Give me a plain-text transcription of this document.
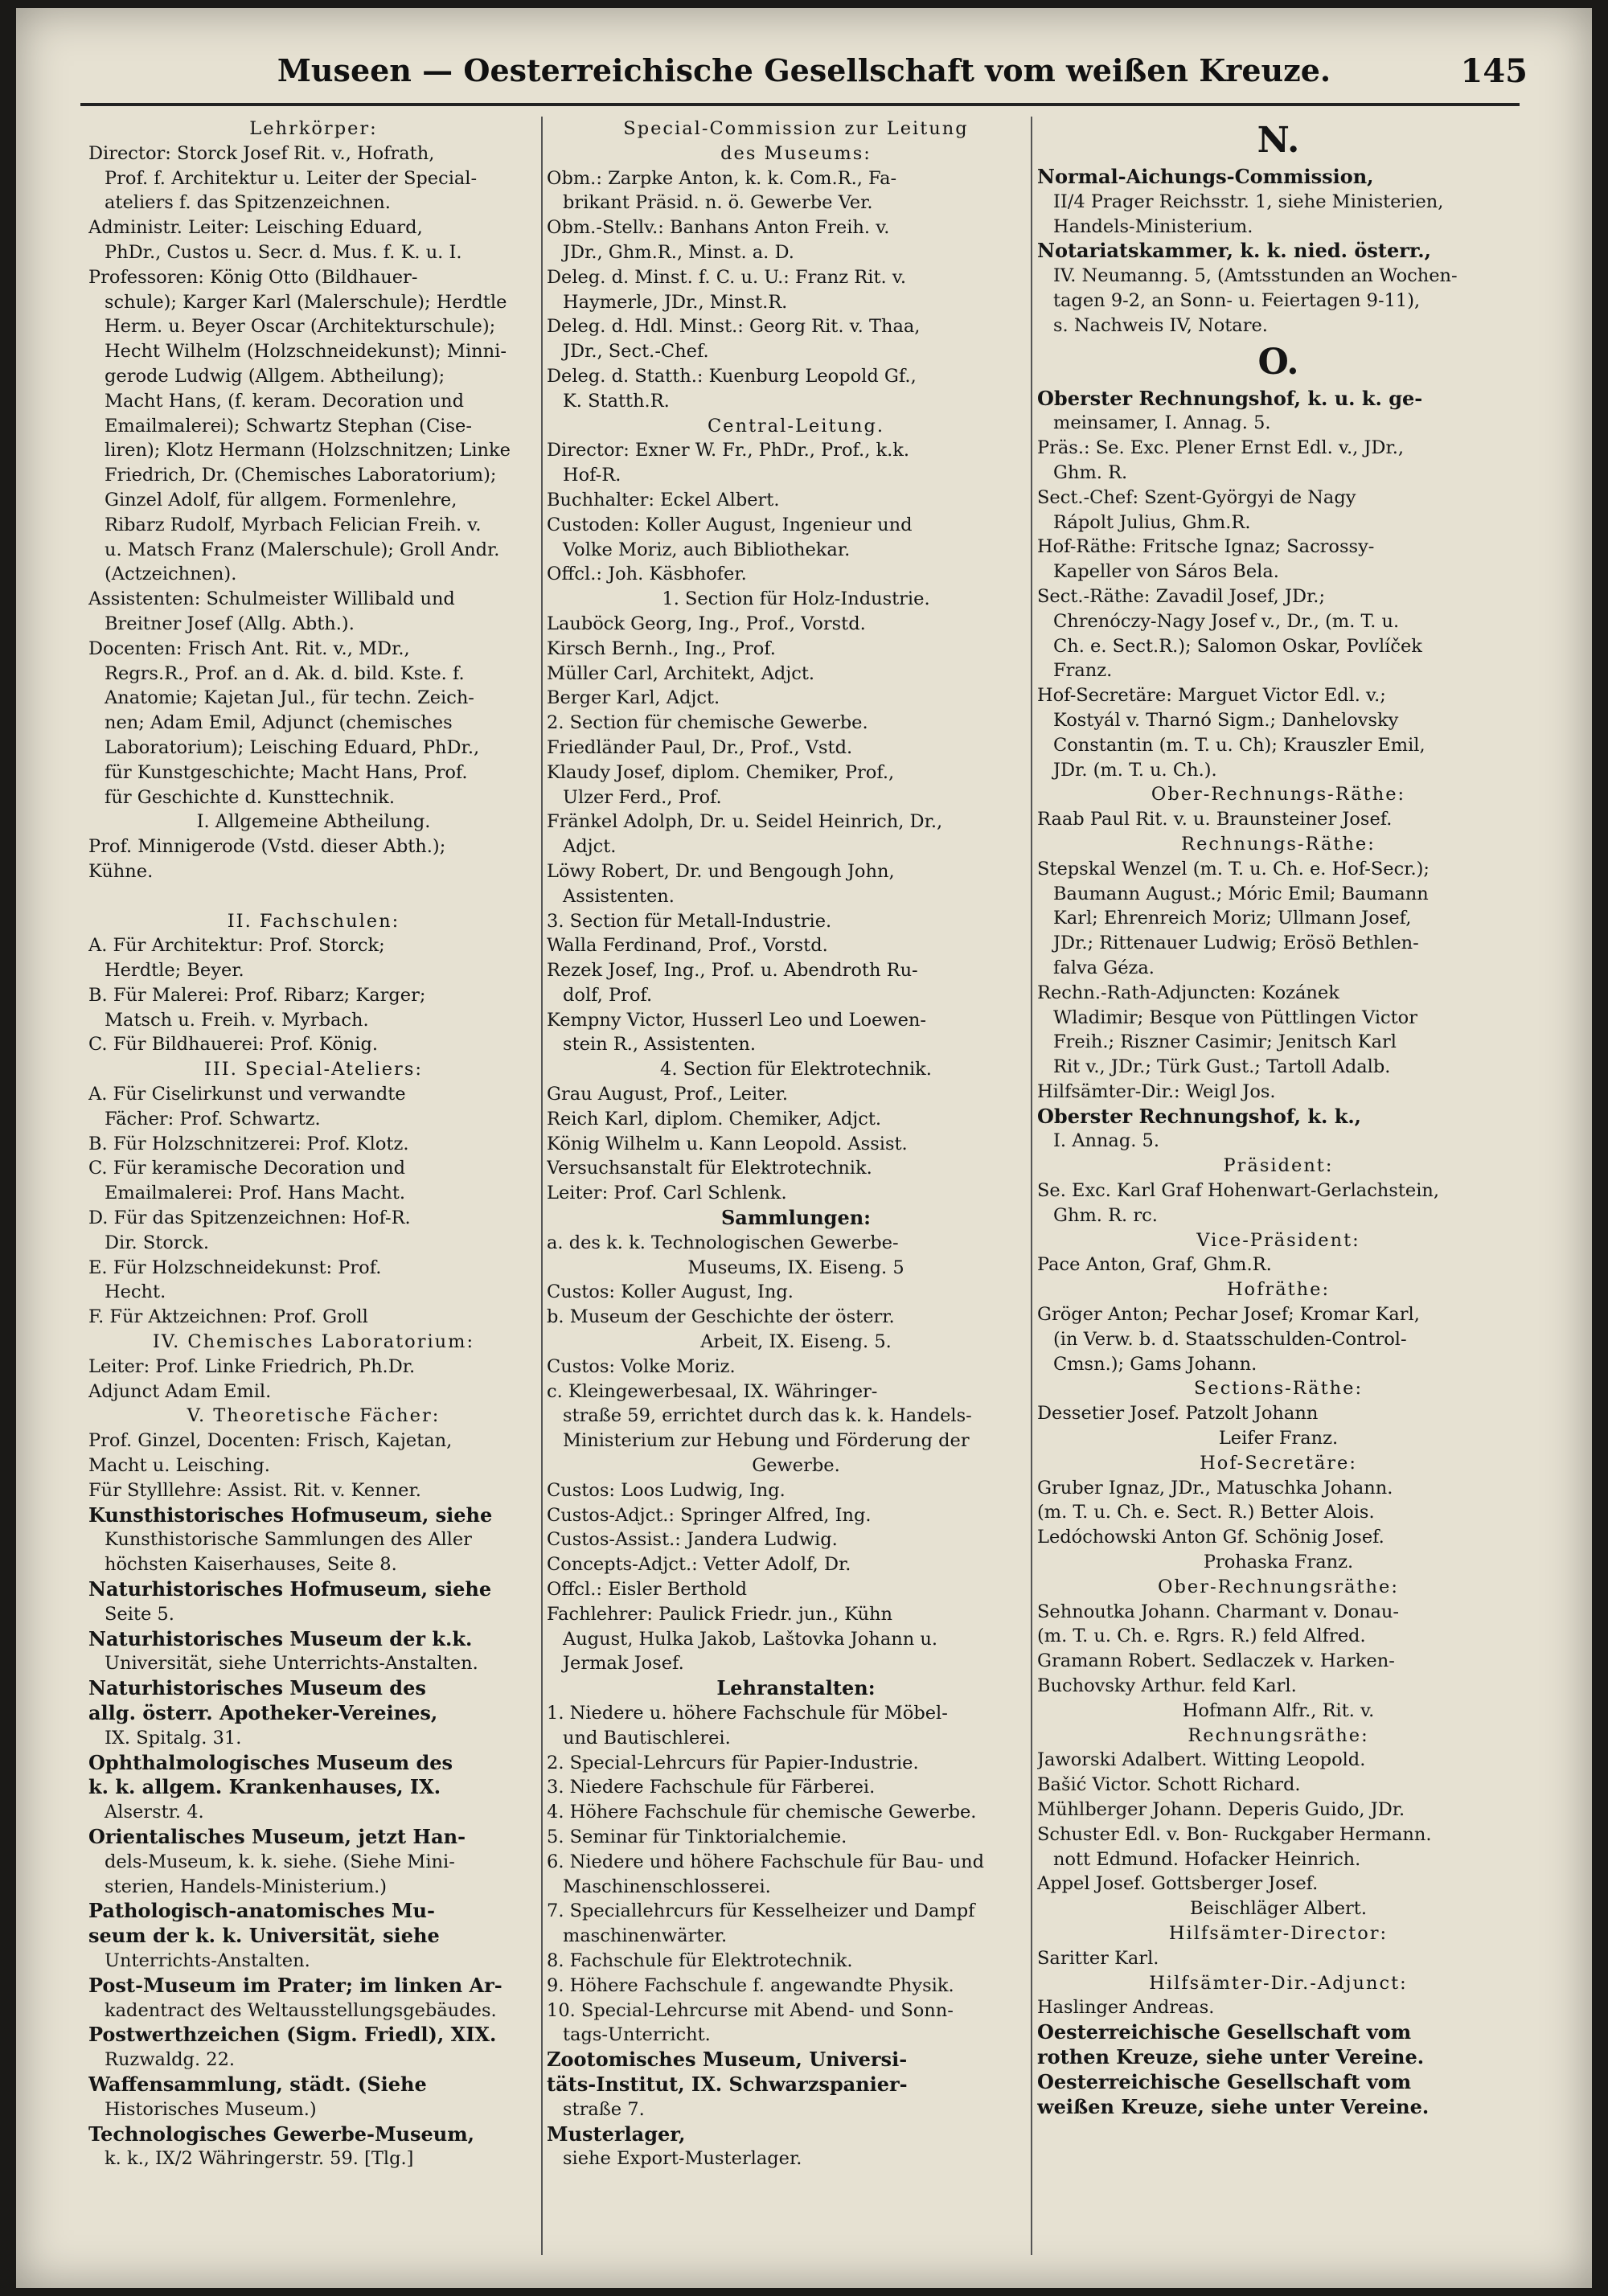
Museen — Oesterreichische Gesellschaft vom weißen Kreuze.	145
Lehrkörper:
Director: Storck Josef Rit. v., Hofrath,
Prof. f. Architektur u. Leiter der Special-
ateliers f. das Spitzenzeichnen.
Administr. Leiter: Leisching Eduard,
PhDr., Custos u. Secr. d. Mus. f. K. u. I.
Professoren: König Otto (Bildhauer-
schule); Karger Karl (Malerschule); Herdtle
Herm. u. Beyer Oscar (Architekturschule);
Hecht Wilhelm (Holzschneidekunst); Minni-
gerode Ludwig (Allgem. Abtheilung);
Macht Hans, (f. keram. Decoration und
Emailmalerei); Schwartz Stephan (Cise-
liren); Klotz Hermann (Holzschnitzen; Linke
Friedrich, Dr. (Chemisches Laboratorium);
Ginzel Adolf, für allgem. Formenlehre,
Ribarz Rudolf, Myrbach Felician Freih. v.
u. Matsch Franz (Malerschule); Groll Andr.
(Actzeichnen).
Assistenten: Schulmeister Willibald und
Breitner Josef (Allg. Abth.).
Docenten: Frisch Ant. Rit. v., MDr.,
Regrs.R., Prof. an d. Ak. d. bild. Kste. f.
Anatomie; Kajetan Jul., für techn. Zeich-
nen; Adam Emil, Adjunct (chemisches
Laboratorium); Leisching Eduard, PhDr.,
für Kunstgeschichte; Macht Hans, Prof.
für Geschichte d. Kunsttechnik.
I. Allgemeine Abtheilung.
Prof. Minnigerode (Vstd. dieser Abth.);
Kühne.

II. Fachschulen:
A. Für Architektur: Prof. Storck;
Herdtle; Beyer.
B. Für Malerei: Prof. Ribarz; Karger;
Matsch u. Freih. v. Myrbach.
C. Für Bildhauerei: Prof. König.
III. Special-Ateliers:
A. Für Ciselirkunst und verwandte
Fächer: Prof. Schwartz.
B. Für Holzschnitzerei: Prof. Klotz.
C. Für keramische Decoration und
Emailmalerei: Prof. Hans Macht.
D. Für das Spitzenzeichnen: Hof-R.
Dir. Storck.
E. Für Holzschneidekunst: Prof.
Hecht.
F. Für Aktzeichnen: Prof. Groll
IV. Chemisches Laboratorium:
Leiter: Prof. Linke Friedrich, Ph.Dr.
Adjunct Adam Emil.
V. Theoretische Fächer:
Prof. Ginzel, Docenten: Frisch, Kajetan,
Macht u. Leisching.
Für Stylllehre: Assist. Rit. v. Kenner.
Kunsthistorisches Hofmuseum, siehe
Kunsthistorische Sammlungen des Aller
höchsten Kaiserhauses, Seite 8.
Naturhistorisches Hofmuseum, siehe
Seite 5.
Naturhistorisches Museum der k.k.
Universität, siehe Unterrichts-Anstalten.
Naturhistorisches Museum des
allg. österr. Apotheker-Vereines,
IX. Spitalg. 31.
Ophthalmologisches Museum des
k. k. allgem. Krankenhauses, IX.
Alserstr. 4.
Orientalisches Museum, jetzt Han-
dels-Museum, k. k. siehe. (Siehe Mini-
sterien, Handels-Ministerium.)
Pathologisch-anatomisches Mu-
seum der k. k. Universität, siehe
Unterrichts-Anstalten.
Post-Museum im Prater; im linken Ar-
kadentract des Weltausstellungsgebäudes.
Postwerthzeichen (Sigm. Friedl), XIX.
Ruzwaldg. 22.
Waffensammlung, städt. (Siehe
Historisches Museum.)
Technologisches Gewerbe-Museum,
k. k., IX/2 Währingerstr. 59. [Tlg.]
Special-Commission zur Leitung
des Museums:
Obm.: Zarpke Anton, k. k. Com.R., Fa-
brikant Präsid. n. ö. Gewerbe Ver.
Obm.-Stellv.: Banhans Anton Freih. v.
JDr., Ghm.R., Minst. a. D.
Deleg. d. Minst. f. C. u. U.: Franz Rit. v.
Haymerle, JDr., Minst.R.
Deleg. d. Hdl. Minst.: Georg Rit. v. Thaa,
JDr., Sect.-Chef.
Deleg. d. Statth.: Kuenburg Leopold Gf.,
K. Statth.R.
Central-Leitung.
Director: Exner W. Fr., PhDr., Prof., k.k.
Hof-R.
Buchhalter: Eckel Albert.
Custoden: Koller August, Ingenieur und
Volke Moriz, auch Bibliothekar.
Offcl.: Joh. Käsbhofer.
1. Section für Holz-Industrie.
Lauböck Georg, Ing., Prof., Vorstd.
Kirsch Bernh., Ing., Prof.
Müller Carl, Architekt, Adjct.
Berger Karl, Adjct.
2. Section für chemische Gewerbe.
Friedländer Paul, Dr., Prof., Vstd.
Klaudy Josef, diplom. Chemiker, Prof.,
Ulzer Ferd., Prof.
Fränkel Adolph, Dr. u. Seidel Heinrich, Dr.,
Adjct.
Löwy Robert, Dr. und Bengough John,
Assistenten.
3. Section für Metall-Industrie.
Walla Ferdinand, Prof., Vorstd.
Rezek Josef, Ing., Prof. u. Abendroth Ru-
dolf, Prof.
Kempny Victor, Husserl Leo und Loewen-
stein R., Assistenten.
4. Section für Elektrotechnik.
Grau August, Prof., Leiter.
Reich Karl, diplom. Chemiker, Adjct.
König Wilhelm u. Kann Leopold. Assist.
Versuchsanstalt für Elektrotechnik.
Leiter: Prof. Carl Schlenk.
Sammlungen:
a. des k. k. Technologischen Gewerbe-
Museums, IX. Eiseng. 5
Custos: Koller August, Ing.
b. Museum der Geschichte der österr.
Arbeit, IX. Eiseng. 5.
Custos: Volke Moriz.
c. Kleingewerbesaal, IX. Währinger-
straße 59, errichtet durch das k. k. Handels-
Ministerium zur Hebung und Förderung der
Gewerbe.
Custos: Loos Ludwig, Ing.
Custos-Adjct.: Springer Alfred, Ing.
Custos-Assist.: Jandera Ludwig.
Concepts-Adjct.: Vetter Adolf, Dr.
Offcl.: Eisler Berthold
Fachlehrer: Paulick Friedr. jun., Kühn
August, Hulka Jakob, Laštovka Johann u.
Jermak Josef.
Lehranstalten:
1. Niedere u. höhere Fachschule für Möbel-
und Bautischlerei.
2. Special-Lehrcurs für Papier-Industrie.
3. Niedere Fachschule für Färberei.
4. Höhere Fachschule für chemische Gewerbe.
5. Seminar für Tinktorialchemie.
6. Niedere und höhere Fachschule für Bau- und
Maschinenschlosserei.
7. Speciallehrcurs für Kesselheizer und Dampf
maschinenwärter.
8. Fachschule für Elektrotechnik.
9. Höhere Fachschule f. angewandte Physik.
10. Special-Lehrcurse mit Abend- und Sonn-
tags-Unterricht.
Zootomisches Museum, Universi-
täts-Institut, IX. Schwarzspanier-
straße 7.
Musterlager,
siehe Export-Musterlager.
N.
Normal-Aichungs-Commission,
II/4 Prager Reichsstr. 1, siehe Ministerien,
Handels-Ministerium.
Notariatskammer, k. k. nied. österr.,
IV. Neumanng. 5, (Amtsstunden an Wochen-
tagen 9-2, an Sonn- u. Feiertagen 9-11),
s. Nachweis IV, Notare.
O.
Oberster Rechnungshof, k. u. k. ge-
meinsamer, I. Annag. 5.
Präs.: Se. Exc. Plener Ernst Edl. v., JDr.,
Ghm. R.
Sect.-Chef: Szent-Györgyi de Nagy
Rápolt Julius, Ghm.R.
Hof-Räthe: Fritsche Ignaz; Sacrossy-
Kapeller von Sáros Bela.
Sect.-Räthe: Zavadil Josef, JDr.;
Chrenóczy-Nagy Josef v., Dr., (m. T. u.
Ch. e. Sect.R.); Salomon Oskar, Povlíček
Franz.
Hof-Secretäre: Marguet Victor Edl. v.;
Kostyál v. Tharnó Sigm.; Danhelovsky
Constantin (m. T. u. Ch); Krauszler Emil,
JDr. (m. T. u. Ch.).
Ober-Rechnungs-Räthe:
Raab Paul Rit. v. u. Braunsteiner Josef.
Rechnungs-Räthe:
Stepskal Wenzel (m. T. u. Ch. e. Hof-Secr.);
Baumann August.; Móric Emil; Baumann
Karl; Ehrenreich Moriz; Ullmann Josef,
JDr.; Rittenauer Ludwig; Erösö Bethlen-
falva Géza.
Rechn.-Rath-Adjuncten: Kozánek
Wladimir; Besque von Püttlingen Victor
Freih.; Riszner Casimir; Jenitsch Karl
Rit v., JDr.; Türk Gust.; Tartoll Adalb.
Hilfsämter-Dir.: Weigl Jos.
Oberster Rechnungshof, k. k.,
I. Annag. 5.
Präsident:
Se. Exc. Karl Graf Hohenwart-Gerlachstein,
Ghm. R. rc.
Vice-Präsident:
Pace Anton, Graf, Ghm.R.
Hofräthe:
Gröger Anton; Pechar Josef; Kromar Karl,
(in Verw. b. d. Staatsschulden-Control-
Cmsn.); Gams Johann.
Sections-Räthe:
Dessetier Josef. Patzolt Johann
Leifer Franz.
Hof-Secretäre:
Gruber Ignaz, JDr., Matuschka Johann.
(m. T. u. Ch. e. Sect. R.) Better Alois.
Ledóchowski Anton Gf. Schönig Josef.
Prohaska Franz.
Ober-Rechnungsräthe:
Sehnoutka Johann. Charmant v. Donau-
(m. T. u. Ch. e. Rgrs. R.) feld Alfred.
Gramann Robert. Sedlaczek v. Harken-
Buchovsky Arthur. feld Karl.
Hofmann Alfr., Rit. v.
Rechnungsräthe:
Jaworski Adalbert. Witting Leopold.
Bašić Victor. Schott Richard.
Mühlberger Johann. Deperis Guido, JDr.
Schuster Edl. v. Bon- Ruckgaber Hermann.
nott Edmund. Hofacker Heinrich.
Appel Josef. Gottsberger Josef.
Beischläger Albert.
Hilfsämter-Director:
Saritter Karl.
Hilfsämter-Dir.-Adjunct:
Haslinger Andreas.
Oesterreichische Gesellschaft vom
rothen Kreuze, siehe unter Vereine.
Oesterreichische Gesellschaft vom
weißen Kreuze, siehe unter Vereine.
